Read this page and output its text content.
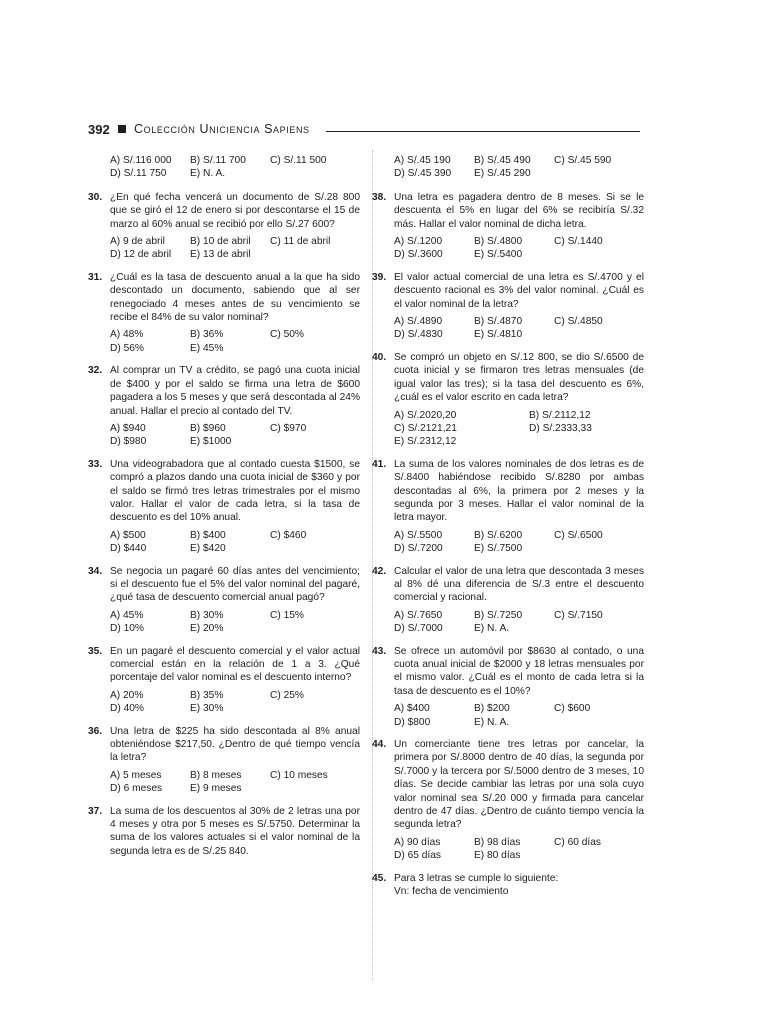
392 Colección Uniciencia Sapiens
A) S/.116 000	B) S/.11 700	C) S/.11 500
D) S/.11 750	E) N. A.
30. ¿En qué fecha vencerá un documento de S/.28 800 que se giró el 12 de enero si por descontarse el 15 de marzo al 60% anual se recibió por ello S/.27 600?
A) 9 de abril	B) 10 de abril	C) 11 de abril
D) 12 de abril	E) 13 de abril
31. ¿Cuál es la tasa de descuento anual a la que ha sido descontado un documento, sabiendo que al ser renegociado 4 meses antes de su vencimiento se recibe el 84% de su valor nominal?
A) 48%	B) 36%	C) 50%
D) 56%	E) 45%
32. Al comprar un TV a crédito, se pagó una cuota inicial de $400 y por el saldo se firma una letra de $600 pagadera a los 5 meses y que será descontada al 24% anual. Hallar el precio al contado del TV.
A) $940	B) $960	C) $970
D) $980	E) $1000
33. Una videograbadora que al contado cuesta $1500, se compró a plazos dando una cuota inicial de $360 y por el saldo se firmó tres letras trimestrales por el mismo valor. Hallar el valor de cada letra, si la tasa de descuento es del 10% anual.
A) $500	B) $400	C) $460
D) $440	E) $420
34. Se negocia un pagaré 60 días antes del vencimiento; si el descuento fue el 5% del valor nominal del pagaré, ¿qué tasa de descuento comercial anual pagó?
A) 45%	B) 30%	C) 15%
D) 10%	E) 20%
35. En un pagaré el descuento comercial y el valor actual comercial están en la relación de 1 a 3. ¿Qué porcentaje del valor nominal es el descuento interno?
A) 20%	B) 35%	C) 25%
D) 40%	E) 30%
36. Una letra de $225 ha sido descontada al 8% anual obteniéndose $217,50. ¿Dentro de qué tiempo vencía la letra?
A) 5 meses	B) 8 meses	C) 10 meses
D) 6 meses	E) 9 meses
37. La suma de los descuentos al 30% de 2 letras una por 4 meses y otra por 5 meses es S/.5750. Determinar la suma de los valores actuales si el valor nominal de la segunda letra es de S/.25 840.
A) S/.45 190	B) S/.45 490	C) S/.45 590
D) S/.45 390	E) S/.45 290
38. Una letra es pagadera dentro de 8 meses. Si se le descuenta el 5% en lugar del 6% se recibiría S/.32 más. Hallar el valor nominal de dicha letra.
A) S/.1200	B) S/.4800	C) S/.1440
D) S/.3600	E) S/.5400
39. El valor actual comercial de una letra es S/.4700 y el descuento racional es 3% del valor nominal. ¿Cuál es el valor nominal de la letra?
A) S/.4890	B) S/.4870	C) S/.4850
D) S/.4830	E) S/.4810
40. Se compró un objeto en S/.12 800, se dio S/.6500 de cuota inicial y se firmaron tres letras mensuales (de igual valor las tres); si la tasa del descuento es 6%, ¿cuál es el valor escrito en cada letra?
A) S/.2020,20	B) S/.2112,12
C) S/.2121,21	D) S/.2333,33
E) S/.2312,12
41. La suma de los valores nominales de dos letras es de S/.8400 habiéndose recibido S/.8280 por ambas descontadas al 6%, la primera por 2 meses y la segunda por 3 meses. Hallar el valor nominal de la letra mayor.
A) S/.5500	B) S/.6200	C) S/.6500
D) S/.7200	E) S/.7500
42. Calcular el valor de una letra que descontada 3 meses al 8% dé una diferencia de S/.3 entre el descuento comercial y racional.
A) S/.7650	B) S/.7250	C) S/.7150
D) S/.7000	E) N. A.
43. Se ofrece un automóvil por $8630 al contado, o una cuota anual inicial de $2000 y 18 letras mensuales por el mismo valor. ¿Cuál es el monto de cada letra si la tasa de descuento es el 10%?
A) $400	B) $200	C) $600
D) $800	E) N. A.
44. Un comerciante tiene tres letras por cancelar, la primera por S/.8000 dentro de 40 días, la segunda por S/.7000 y la tercera por S/.5000 dentro de 3 meses, 10 días. Se decide cambiar las letras por una sola cuyo valor nominal sea S/.20 000 y firmada para cancelar dentro de 47 días. ¿Dentro de cuánto tiempo vencía la segunda letra?
A) 90 días	B) 98 días	C) 60 días
D) 65 días	E) 80 días
45. Para 3 letras se cumple lo siguiente:
Vn: fecha de vencimiento
